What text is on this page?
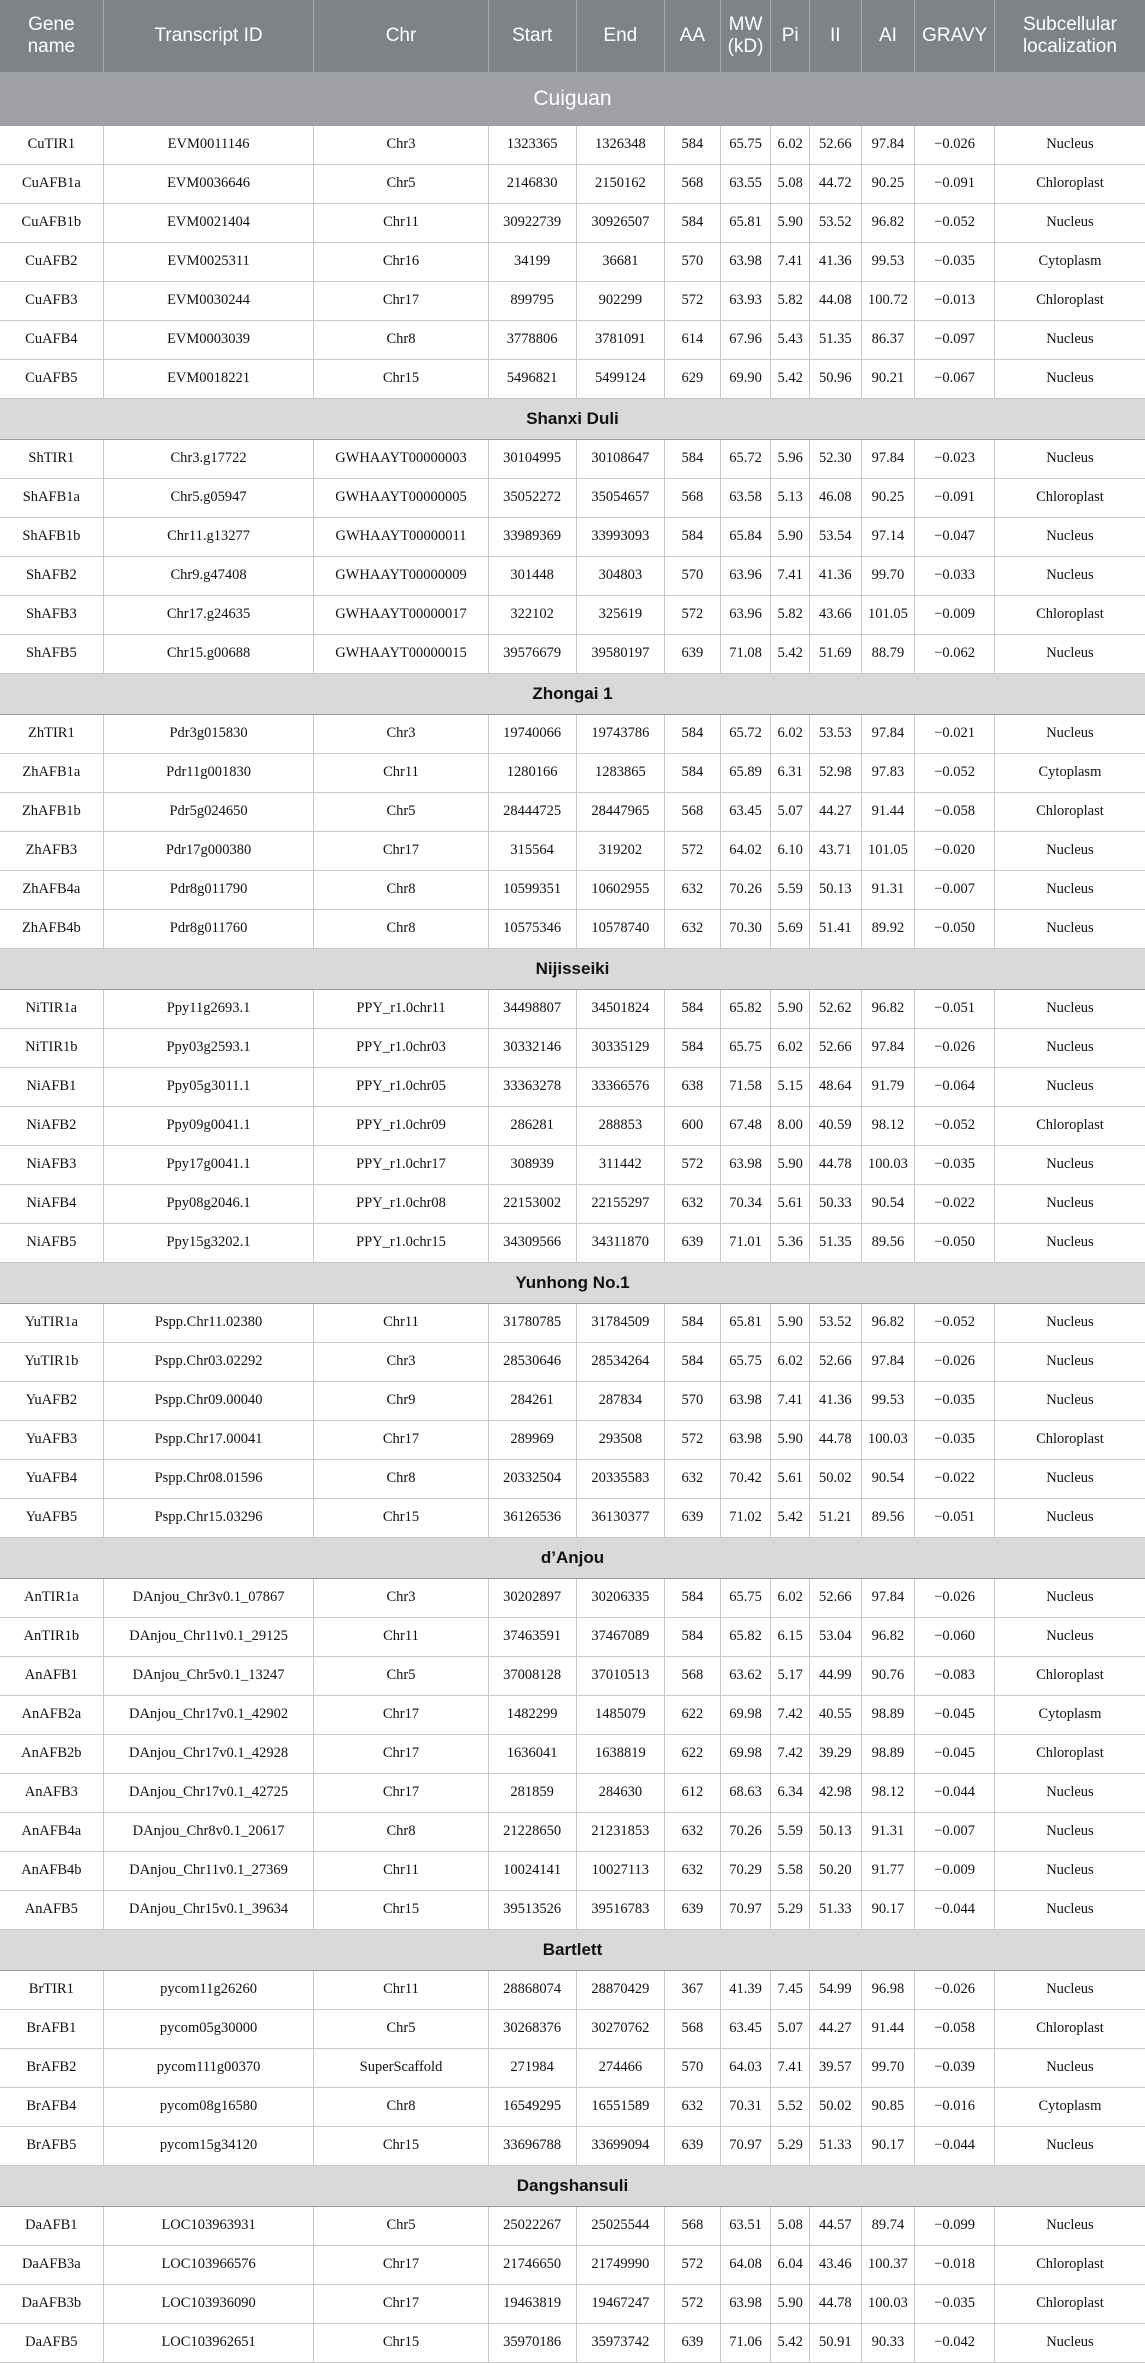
Gene name	Transcript ID	Chr	Start	End	AA	MW (kD)	Pi	II	AI	GRAVY	Subcellular localization
Cuiguan											
CuTIR1	EVM0011146	Chr3	1323365	1326348	584	65.75	6.02	52.66	97.84	−0.026	Nucleus
CuAFB1a	EVM0036646	Chr5	2146830	2150162	568	63.55	5.08	44.72	90.25	−0.091	Chloroplast
CuAFB1b	EVM0021404	Chr11	30922739	30926507	584	65.81	5.90	53.52	96.82	−0.052	Nucleus
CuAFB2	EVM0025311	Chr16	34199	36681	570	63.98	7.41	41.36	99.53	−0.035	Cytoplasm
CuAFB3	EVM0030244	Chr17	899795	902299	572	63.93	5.82	44.08	100.72	−0.013	Chloroplast
CuAFB4	EVM0003039	Chr8	3778806	3781091	614	67.96	5.43	51.35	86.37	−0.097	Nucleus
CuAFB5	EVM0018221	Chr15	5496821	5499124	629	69.90	5.42	50.96	90.21	−0.067	Nucleus
Shanxi Duli											
ShTIR1	Chr3.g17722	GWHAAYT00000003	30104995	30108647	584	65.72	5.96	52.30	97.84	−0.023	Nucleus
ShAFB1a	Chr5.g05947	GWHAAYT00000005	35052272	35054657	568	63.58	5.13	46.08	90.25	−0.091	Chloroplast
ShAFB1b	Chr11.g13277	GWHAAYT00000011	33989369	33993093	584	65.84	5.90	53.54	97.14	−0.047	Nucleus
ShAFB2	Chr9.g47408	GWHAAYT00000009	301448	304803	570	63.96	7.41	41.36	99.70	−0.033	Nucleus
ShAFB3	Chr17.g24635	GWHAAYT00000017	322102	325619	572	63.96	5.82	43.66	101.05	−0.009	Chloroplast
ShAFB5	Chr15.g00688	GWHAAYT00000015	39576679	39580197	639	71.08	5.42	51.69	88.79	−0.062	Nucleus
Zhongai 1											
ZhTIR1	Pdr3g015830	Chr3	19740066	19743786	584	65.72	6.02	53.53	97.84	−0.021	Nucleus
ZhAFB1a	Pdr11g001830	Chr11	1280166	1283865	584	65.89	6.31	52.98	97.83	−0.052	Cytoplasm
ZhAFB1b	Pdr5g024650	Chr5	28444725	28447965	568	63.45	5.07	44.27	91.44	−0.058	Chloroplast
ZhAFB3	Pdr17g000380	Chr17	315564	319202	572	64.02	6.10	43.71	101.05	−0.020	Nucleus
ZhAFB4a	Pdr8g011790	Chr8	10599351	10602955	632	70.26	5.59	50.13	91.31	−0.007	Nucleus
ZhAFB4b	Pdr8g011760	Chr8	10575346	10578740	632	70.30	5.69	51.41	89.92	−0.050	Nucleus
Nijisseiki											
NiTIR1a	Ppy11g2693.1	PPY_r1.0chr11	34498807	34501824	584	65.82	5.90	52.62	96.82	−0.051	Nucleus
NiTIR1b	Ppy03g2593.1	PPY_r1.0chr03	30332146	30335129	584	65.75	6.02	52.66	97.84	−0.026	Nucleus
NiAFB1	Ppy05g3011.1	PPY_r1.0chr05	33363278	33366576	638	71.58	5.15	48.64	91.79	−0.064	Nucleus
NiAFB2	Ppy09g0041.1	PPY_r1.0chr09	286281	288853	600	67.48	8.00	40.59	98.12	−0.052	Chloroplast
NiAFB3	Ppy17g0041.1	PPY_r1.0chr17	308939	311442	572	63.98	5.90	44.78	100.03	−0.035	Nucleus
NiAFB4	Ppy08g2046.1	PPY_r1.0chr08	22153002	22155297	632	70.34	5.61	50.33	90.54	−0.022	Nucleus
NiAFB5	Ppy15g3202.1	PPY_r1.0chr15	34309566	34311870	639	71.01	5.36	51.35	89.56	−0.050	Nucleus
Yunhong No.1											
YuTIR1a	Pspp.Chr11.02380	Chr11	31780785	31784509	584	65.81	5.90	53.52	96.82	−0.052	Nucleus
YuTIR1b	Pspp.Chr03.02292	Chr3	28530646	28534264	584	65.75	6.02	52.66	97.84	−0.026	Nucleus
YuAFB2	Pspp.Chr09.00040	Chr9	284261	287834	570	63.98	7.41	41.36	99.53	−0.035	Nucleus
YuAFB3	Pspp.Chr17.00041	Chr17	289969	293508	572	63.98	5.90	44.78	100.03	−0.035	Chloroplast
YuAFB4	Pspp.Chr08.01596	Chr8	20332504	20335583	632	70.42	5.61	50.02	90.54	−0.022	Nucleus
YuAFB5	Pspp.Chr15.03296	Chr15	36126536	36130377	639	71.02	5.42	51.21	89.56	−0.051	Nucleus
d’Anjou											
AnTIR1a	DAnjou_Chr3v0.1_07867	Chr3	30202897	30206335	584	65.75	6.02	52.66	97.84	−0.026	Nucleus
AnTIR1b	DAnjou_Chr11v0.1_29125	Chr11	37463591	37467089	584	65.82	6.15	53.04	96.82	−0.060	Nucleus
AnAFB1	DAnjou_Chr5v0.1_13247	Chr5	37008128	37010513	568	63.62	5.17	44.99	90.76	−0.083	Chloroplast
AnAFB2a	DAnjou_Chr17v0.1_42902	Chr17	1482299	1485079	622	69.98	7.42	40.55	98.89	−0.045	Cytoplasm
AnAFB2b	DAnjou_Chr17v0.1_42928	Chr17	1636041	1638819	622	69.98	7.42	39.29	98.89	−0.045	Chloroplast
AnAFB3	DAnjou_Chr17v0.1_42725	Chr17	281859	284630	612	68.63	6.34	42.98	98.12	−0.044	Nucleus
AnAFB4a	DAnjou_Chr8v0.1_20617	Chr8	21228650	21231853	632	70.26	5.59	50.13	91.31	−0.007	Nucleus
AnAFB4b	DAnjou_Chr11v0.1_27369	Chr11	10024141	10027113	632	70.29	5.58	50.20	91.77	−0.009	Nucleus
AnAFB5	DAnjou_Chr15v0.1_39634	Chr15	39513526	39516783	639	70.97	5.29	51.33	90.17	−0.044	Nucleus
Bartlett											
BrTIR1	pycom11g26260	Chr11	28868074	28870429	367	41.39	7.45	54.99	96.98	−0.026	Nucleus
BrAFB1	pycom05g30000	Chr5	30268376	30270762	568	63.45	5.07	44.27	91.44	−0.058	Chloroplast
BrAFB2	pycom111g00370	SuperScaffold	271984	274466	570	64.03	7.41	39.57	99.70	−0.039	Nucleus
BrAFB4	pycom08g16580	Chr8	16549295	16551589	632	70.31	5.52	50.02	90.85	−0.016	Cytoplasm
BrAFB5	pycom15g34120	Chr15	33696788	33699094	639	70.97	5.29	51.33	90.17	−0.044	Nucleus
Dangshansuli											
DaAFB1	LOC103963931	Chr5	25022267	25025544	568	63.51	5.08	44.57	89.74	−0.099	Nucleus
DaAFB3a	LOC103966576	Chr17	21746650	21749990	572	64.08	6.04	43.46	100.37	−0.018	Chloroplast
DaAFB3b	LOC103936090	Chr17	19463819	19467247	572	63.98	5.90	44.78	100.03	−0.035	Chloroplast
DaAFB5	LOC103962651	Chr15	35970186	35973742	639	71.06	5.42	50.91	90.33	−0.042	Nucleus
